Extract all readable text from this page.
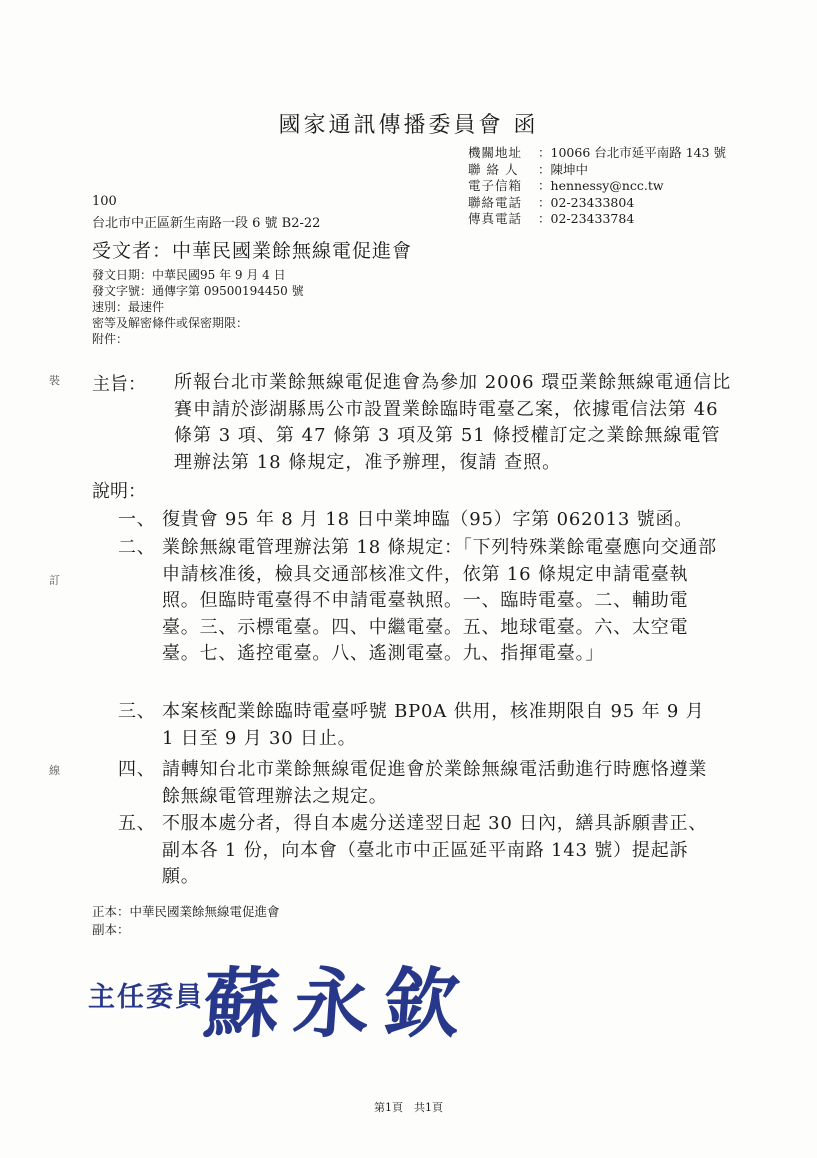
國家通訊傳播委員會 函
機關地址	： 10066 台北市延平南路 143 號
聯 絡 人	： 陳坤中
電子信箱	： hennessy@ncc.tw
聯絡電話	： 02-23433804
傳真電話	： 02-23433784
100
台北市中正區新生南路一段 6 號 B2-22
受文者：中華民國業餘無線電促進會
發文日期：中華民國95 年 9 月 4 日
發文字號：通傳字第 09500194450 號
速別：最速件
密等及解密條件或保密期限：
附件：
裝
訂
線
主旨： 所報台北市業餘無線電促進會為參加 2006 環亞業餘無線電通信比賽申請於澎湖縣馬公市設置業餘臨時電臺乙案，依據電信法第 46 條第 3 項、第 47 條第 3 項及第 51 條授權訂定之業餘無線電管理辦法第 18 條規定，准予辦理，復請 查照。
說明：
一、 復貴會 95 年 8 月 18 日中業坤臨（95）字第 062013 號函。
二、 業餘無線電管理辦法第 18 條規定：「下列特殊業餘電臺應向交通部申請核准後，檢具交通部核准文件，依第 16 條規定申請電臺執照。但臨時電臺得不申請電臺執照。一、臨時電臺。二、輔助電臺。三、示標電臺。四、中繼電臺。五、地球電臺。六、太空電臺。七、遙控電臺。八、遙測電臺。九、指揮電臺。」
三、 本案核配業餘臨時電臺呼號 BP0A 供用，核准期限自 95 年 9 月 1 日至 9 月 30 日止。
四、 請轉知台北市業餘無線電促進會於業餘無線電活動進行時應恪遵業餘無線電管理辦法之規定。
五、 不服本處分者，得自本處分送達翌日起 30 日內，繕具訴願書正、副本各 1 份，向本會（臺北市中正區延平南路 143 號）提起訴願。
正本：中華民國業餘無線電促進會
副本：
主任委員
蘇永欽
第1頁　共1頁
